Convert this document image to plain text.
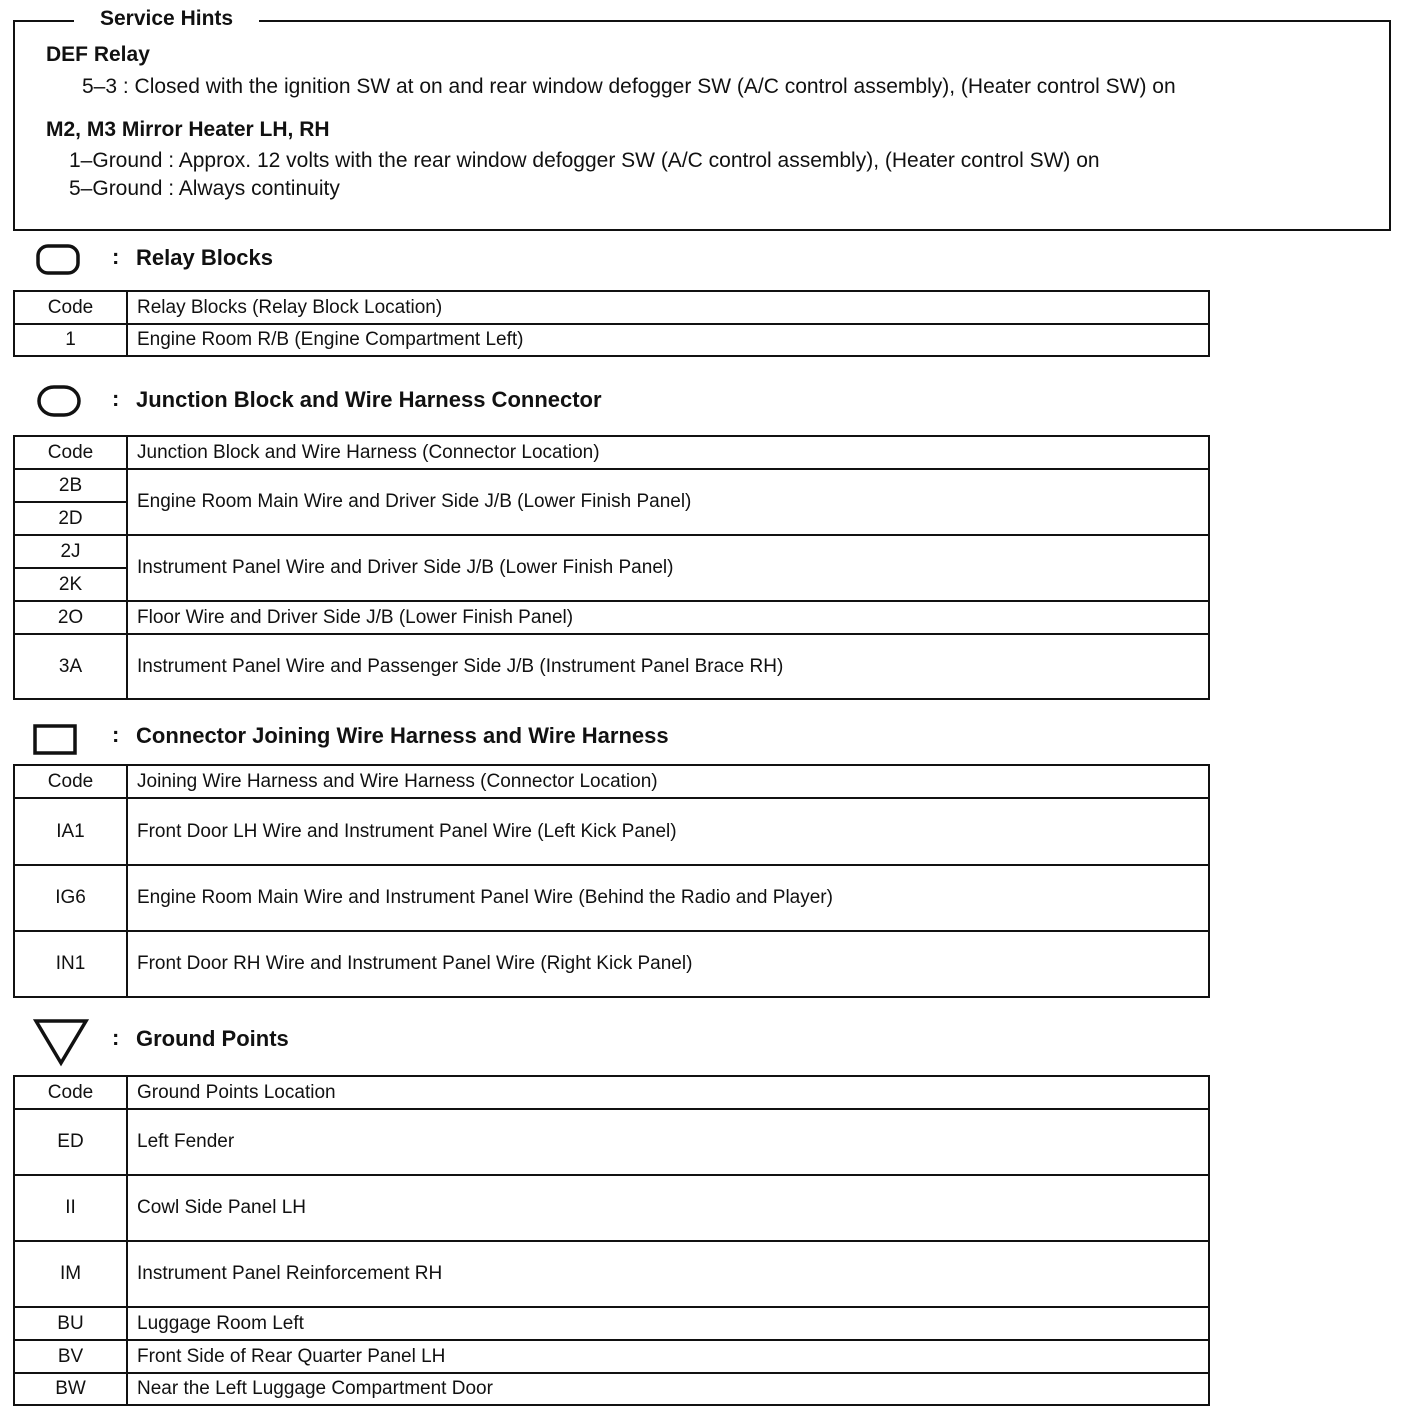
Service Hints
DEF Relay
5–3 : Closed with the ignition SW at on and rear window defogger SW (A/C control assembly), (Heater control SW) on
M2, M3 Mirror Heater LH, RH
1–Ground : Approx. 12 volts with the rear window defogger SW (A/C control assembly), (Heater control SW) on
5–Ground : Always continuity
: Relay Blocks
Code	Relay Blocks (Relay Block Location)
1	Engine Room R/B (Engine Compartment Left)
: Junction Block and Wire Harness Connector
Code	Junction Block and Wire Harness (Connector Location)
2B	Engine Room Main Wire and Driver Side J/B (Lower Finish Panel)
2D	
2J	Instrument Panel Wire and Driver Side J/B (Lower Finish Panel)
2K	
2O	Floor Wire and Driver Side J/B (Lower Finish Panel)
3A	Instrument Panel Wire and Passenger Side J/B (Instrument Panel Brace RH)
: Connector Joining Wire Harness and Wire Harness
Code	Joining Wire Harness and Wire Harness (Connector Location)
IA1	Front Door LH Wire and Instrument Panel Wire (Left Kick Panel)
IG6	Engine Room Main Wire and Instrument Panel Wire (Behind the Radio and Player)
IN1	Front Door RH Wire and Instrument Panel Wire (Right Kick Panel)
: Ground Points
Code	Ground Points Location
ED	Left Fender
II	Cowl Side Panel LH
IM	Instrument Panel Reinforcement RH
BU	Luggage Room Left
BV	Front Side of Rear Quarter Panel LH
BW	Near the Left Luggage Compartment Door
